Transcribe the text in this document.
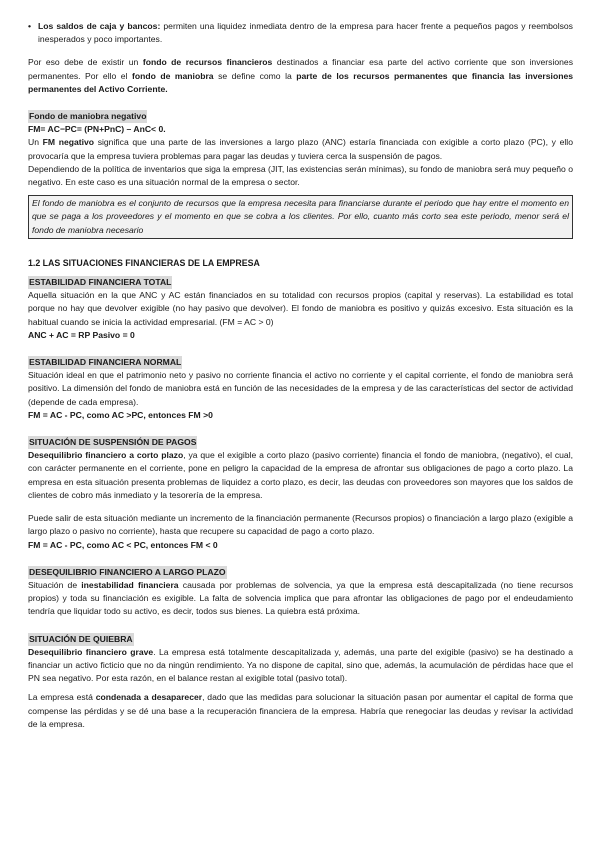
• Los saldos de caja y bancos: permiten una liquidez inmediata dentro de la empresa para hacer frente a pequeños pagos y reembolsos inesperados y poco importantes.

Por eso debe de existir un fondo de recursos financieros destinados a financiar esa parte del activo corriente que son inversiones permanentes. Por ello el fondo de maniobra se define como la parte de los recursos permanentes que financia las inversiones permanentes del Activo Corriente.

Fondo de maniobra negativo

FM= AC−PC= (PN+PnC) – AnC< 0.

Un FM negativo significa que una parte de las inversiones a largo plazo (ANC) estaría financiada con exigible a corto plazo (PC), y ello provocaría que la empresa tuviera problemas para pagar las deudas y tuviera cerca la suspensión de pagos.

Dependiendo de la política de inventarios que siga la empresa (JIT, las existencias serán mínimas), su fondo de maniobra será muy pequeño o negativo. En este caso es una situación normal de la empresa o sector.

El fondo de maniobra es el conjunto de recursos que la empresa necesita para financiarse durante el periodo que hay entre el momento en que se paga a los proveedores y el momento en que se cobra a los clientes. Por ello, cuanto más corto sea este periodo, menor será el fondo de maniobra necesario

1.2 LAS SITUACIONES FINANCIERAS DE LA EMPRESA

ESTABILIDAD FINANCIERA TOTAL

Aquella situación en la que ANC y AC están financiados en su totalidad con recursos propios (capital y reservas). La estabilidad es total porque no hay que devolver exigible (no hay pasivo que devolver). El fondo de maniobra es positivo y quizás excesivo. Esta situación es la habitual cuando se inicia la actividad empresarial. (FM = AC > 0)

ANC + AC = RP Pasivo = 0

ESTABILIDAD FINANCIERA NORMAL

Situación ideal en que el patrimonio neto y pasivo no corriente financia el activo no corriente y el capital corriente, el fondo de maniobra será positivo. La dimensión del fondo de maniobra está en función de las necesidades de la empresa y de las características del sector de actividad (depende de cada empresa).

FM = AC - PC, como AC >PC, entonces FM >0

SITUACIÓN DE SUSPENSIÓN DE PAGOS

Desequilibrio financiero a corto plazo, ya que el exigible a corto plazo (pasivo corriente) financia el fondo de maniobra, (negativo), el cual, con carácter permanente en el corriente, pone en peligro la capacidad de la empresa de afrontar sus obligaciones de pago a corto plazo. La empresa en esta situación presenta problemas de liquidez a corto plazo, es decir, las deudas con proveedores son mayores que los saldos de clientes de cobro más inmediato y la tesorería de la empresa.

Puede salir de esta situación mediante un incremento de la financiación permanente (Recursos propios) o financiación a largo plazo (exigible a largo plazo o pasivo no corriente), hasta que recupere su capacidad de pago a corto plazo.

FM = AC - PC, como AC < PC, entonces FM < 0

DESEQUILIBRIO FINANCIERO A LARGO PLAZO

Situación de inestabilidad financiera causada por problemas de solvencia, ya que la empresa está descapitalizada (no tiene recursos propios) y toda su financiación es exigible. La falta de solvencia implica que para afrontar las obligaciones de pago por el endeudamiento tendría que liquidar todo su activo, es decir, todos sus bienes. La quiebra está próxima.

SITUACIÓN DE QUIEBRA

Desequilibrio financiero grave. La empresa está totalmente descapitalizada y, además, una parte del exigible (pasivo) se ha destinado a financiar un activo ficticio que no da ningún rendimiento. Ya no dispone de capital, sino que, además, la acumulación de pérdidas hace que el PN sea negativo. Por esta razón, en el balance restan al exigible total (pasivo total).

La empresa está condenada a desaparecer, dado que las medidas para solucionar la situación pasan por aumentar el capital de forma que compense las pérdidas y se dé una base a la recuperación financiera de la empresa. Habría que renegociar las deudas y revisar la actividad de la empresa.
